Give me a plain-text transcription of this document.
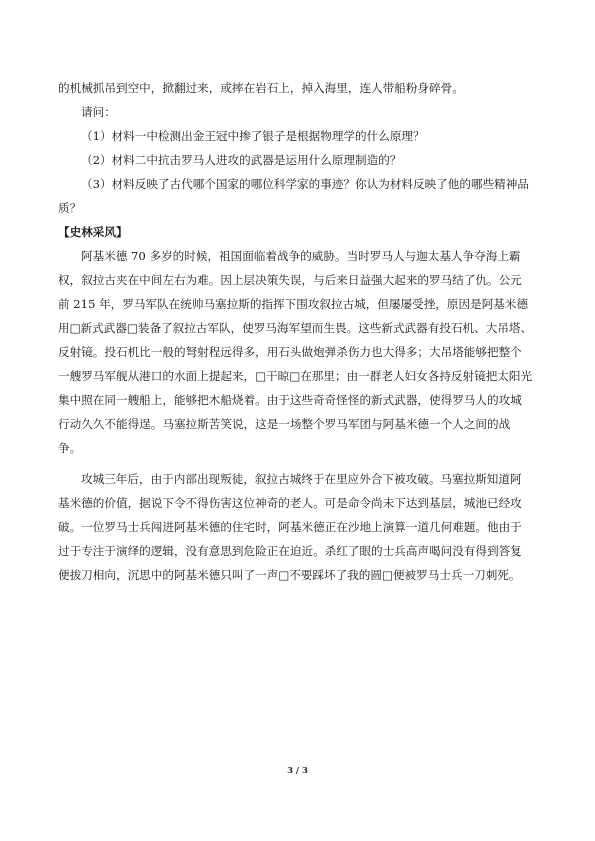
的机械抓吊到空中，掀翻过来，或摔在岩石上，掉入海里，连人带船粉身碎骨。
请问：
（1）材料一中检测出金王冠中掺了银子是根据物理学的什么原理？
（2）材料二中抗击罗马人进攻的武器是运用什么原理制造的？
（3）材料反映了古代哪个国家的哪位科学家的事迹？你认为材料反映了他的哪些精神品
质？
【史林采风】
阿基米德 70 多岁的时候，祖国面临着战争的威胁。当时罗马人与迦太基人争夺海上霸
权，叙拉古夹在中间左右为难。因上层决策失误，与后来日益强大起来的罗马结了仇。公元
前 215 年，罗马军队在统帅马塞拉斯的指挥下围攻叙拉古城，但屡屡受挫，原因是阿基米德
用□新式武器□装备了叙拉古军队，使罗马海军望而生畏。这些新式武器有投石机、大吊塔、
反射镜。投石机比一般的弩射程远得多，用石头做炮弹杀伤力也大得多；大吊塔能够把整个
一艘罗马军舰从港口的水面上提起来，□干晾□在那里；由一群老人妇女各持反射镜把太阳光
集中照在同一艘船上，能够把木船烧着。由于这些奇奇怪怪的新式武器，使得罗马人的攻城
行动久久不能得逞。马塞拉斯苦笑说，这是一场整个罗马军团与阿基米德一个人之间的战
争。
攻城三年后，由于内部出现叛徒，叙拉古城终于在里应外合下被攻破。马塞拉斯知道阿
基米德的价值，据说下令不得伤害这位神奇的老人。可是命令尚未下达到基层，城池已经攻
破。一位罗马士兵闯进阿基米德的住宅时，阿基米德正在沙地上演算一道几何难题。他由于
过于专注于演绎的逻辑，没有意思到危险正在迫近。杀红了眼的士兵高声喝问没有得到答复
便拔刀相向，沉思中的阿基米德只叫了一声□不要踩坏了我的圆□便被罗马士兵一刀刺死。
3 / 3
